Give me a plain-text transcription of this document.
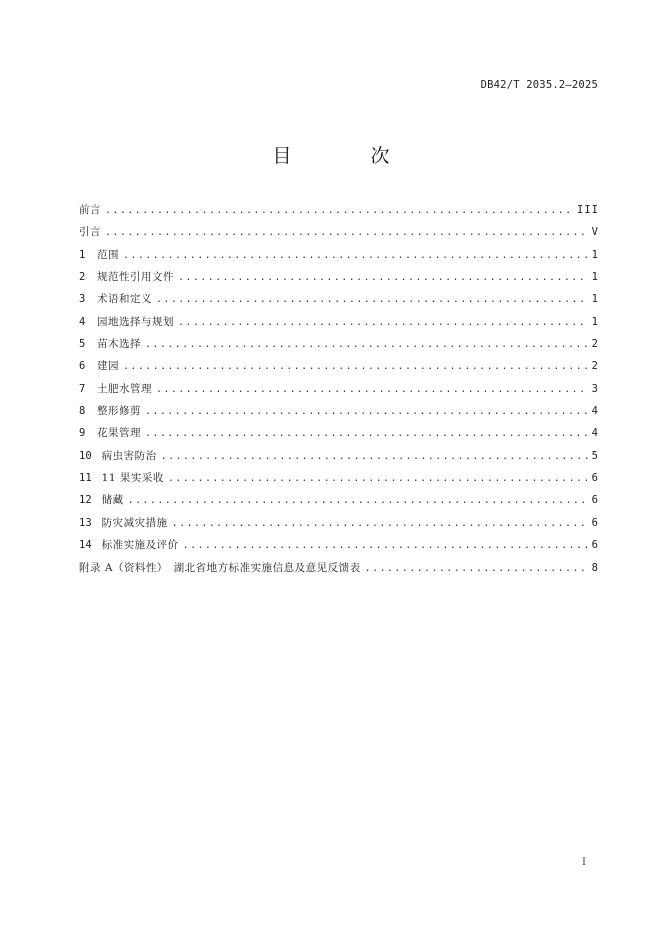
DB42/T 2035.2—2025
目　次
前言 .....	III
引言 .....	V
1 范围 .....	1
2 规范性引用文件 .....	1
3 术语和定义 .....	1
4 园地选择与规划 .....	1
5 苗木选择 .....	2
6 建园 .....	2
7 土肥水管理 .....	3
8 整形修剪 .....	4
9 花果管理 .....	4
10 病虫害防治 .....	5
11 11 果实采收 .....	6
12 储藏 .....	6
13 防灾减灾措施 .....	6
14 标准实施及评价 .....	6
附录 A（资料性）　湖北省地方标准实施信息及意见反馈表 .....	8
I
